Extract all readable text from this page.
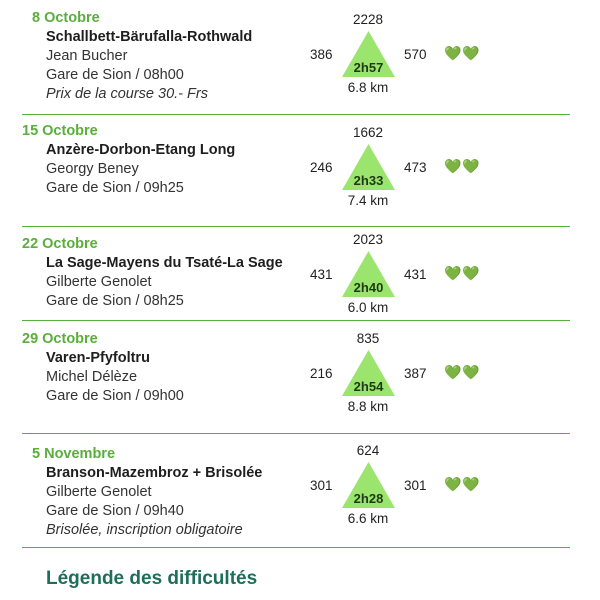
8 Octobre
Schallbett-Bärufalla-Rothwald
Jean Bucher
Gare de Sion / 08h00
Prix de la course 30.- Frs
2228
386	570
2h57
6.8 km
💚💚
15 Octobre
Anzère-Dorbon-Etang Long
Georgy Beney
Gare de Sion / 09h25
1662
246	473
2h33
7.4 km
💚💚
22 Octobre
La Sage-Mayens du Tsaté-La Sage
Gilberte Genolet
Gare de Sion / 08h25
2023
431	431
2h40
6.0 km
💚💚
29 Octobre
Varen-Pfyfoltru
Michel Délèze
Gare de Sion / 09h00
835
216	387
2h54
8.8 km
💚💚
5 Novembre
Branson-Mazembroz + Brisolée
Gilberte Genolet
Gare de Sion / 09h40
Brisolée, inscription obligatoire
624
301	301
2h28
6.6 km
💚💚
Légende des difficultés
